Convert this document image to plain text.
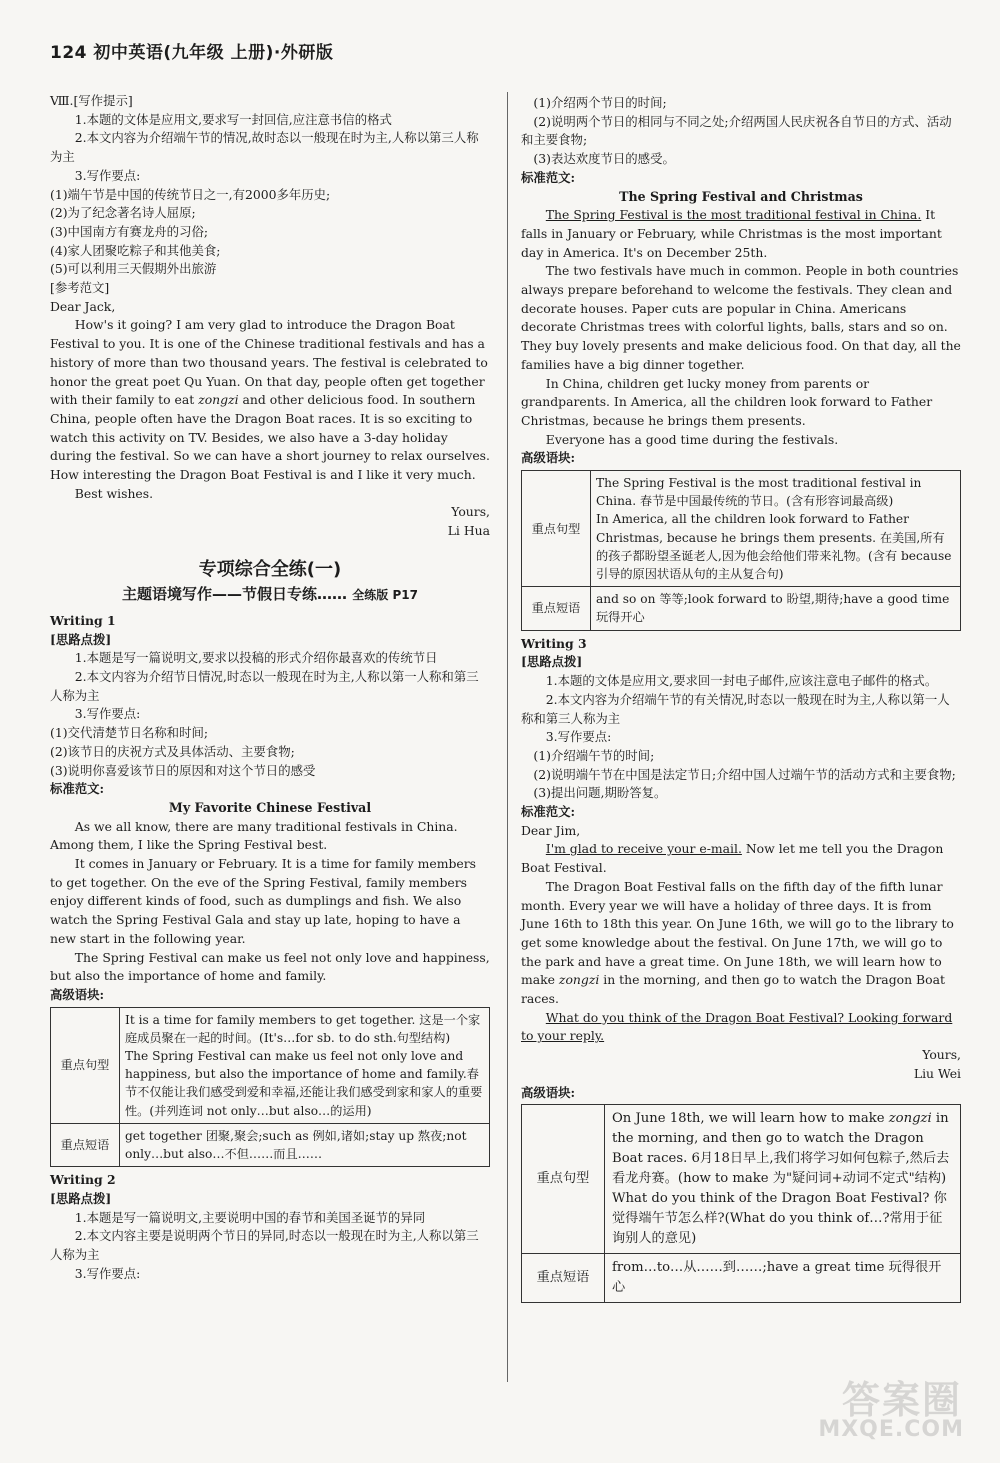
124 初中英语(九年级 上册)·外研版

Ⅷ.[写作提示]

1.本题的文体是应用文,要求写一封回信,应注意书信的格式

2.本文内容为介绍端午节的情况,故时态以一般现在时为主,人称以第三人称为主

3.写作要点:

(1)端午节是中国的传统节日之一,有2000多年历史;

(2)为了纪念著名诗人屈原;

(3)中国南方有赛龙舟的习俗;

(4)家人团聚吃粽子和其他美食;

(5)可以利用三天假期外出旅游

[参考范文]

Dear Jack,

How's it going? I am very glad to introduce the Dragon Boat Festival to you. It is one of the Chinese traditional festivals and has a history of more than two thousand years. The festival is celebrated to honor the great poet Qu Yuan. On that day, people often get together with their family to eat zongzi and other delicious food. In southern China, people often have the Dragon Boat races. It is so exciting to watch this activity on TV. Besides, we also have a 3-day holiday during the festival. So we can have a short journey to relax ourselves. How interesting the Dragon Boat Festival is and I like it very much.

Best wishes.

Yours,

Li Hua

专项综合全练(一)
主题语境写作——节假日专练…… 全练版 P17

Writing 1

[思路点拨]

1.本题是写一篇说明文,要求以投稿的形式介绍你最喜欢的传统节日

2.本文内容为介绍节日情况,时态以一般现在时为主,人称以第一人称和第三人称为主

3.写作要点:

(1)交代清楚节日名称和时间;

(2)该节日的庆祝方式及具体活动、主要食物;

(3)说明你喜爱该节日的原因和对这个节日的感受

标准范文:

My Favorite Chinese Festival

As we all know, there are many traditional festivals in China. Among them, I like the Spring Festival best.

It comes in January or February. It is a time for family members to get together. On the eve of the Spring Festival, family members enjoy different kinds of food, such as dumplings and fish. We also watch the Spring Festival Gala and stay up late, hoping to have a new start in the following year.

The Spring Festival can make us feel not only love and happiness, but also the importance of home and family.

高级语块:

重点句型	It is a time for family members to get together. 这是一个家庭成员聚在一起的时间。(It's…for sb. to do sth.句型结构)
The Spring Festival can make us feel not only love and happiness, but also the importance of home and family.春节不仅能让我们感受到爱和幸福,还能让我们感受到家和家人的重要性。(并列连词 not only…but also…的运用)
重点短语	get together 团聚,聚会;such as 例如,诸如;stay up 熬夜;not only…but also…不但……而且……

Writing 2

[思路点拨]

1.本题是写一篇说明文,主要说明中国的春节和美国圣诞节的异同

2.本文内容主要是说明两个节日的异同,时态以一般现在时为主,人称以第三人称为主

3.写作要点:

(1)介绍两个节日的时间;

(2)说明两个节日的相同与不同之处;介绍两国人民庆祝各自节日的方式、活动和主要食物;

(3)表达欢度节日的感受。

标准范文:

The Spring Festival and Christmas

The Spring Festival is the most traditional festival in China. It falls in January or February, while Christmas is the most important day in America. It's on December 25th.

The two festivals have much in common. People in both countries always prepare beforehand to welcome the festivals. They clean and decorate houses. Paper cuts are popular in China. Americans decorate Christmas trees with colorful lights, balls, stars and so on. They buy lovely presents and make delicious food. On that day, all the families have a big dinner together.

In China, children get lucky money from parents or grandparents. In America, all the children look forward to Father Christmas, because he brings them presents.

Everyone has a good time during the festivals.

高级语块:

重点句型	The Spring Festival is the most traditional festival in China. 春节是中国最传统的节日。(含有形容词最高级)
In America, all the children look forward to Father Christmas, because he brings them presents. 在美国,所有的孩子都盼望圣诞老人,因为他会给他们带来礼物。(含有 because 引导的原因状语从句的主从复合句)
重点短语	and so on 等等;look forward to 盼望,期待;have a good time 玩得开心

Writing 3

[思路点拨]

1.本题的文体是应用文,要求回一封电子邮件,应该注意电子邮件的格式。

2.本文内容为介绍端午节的有关情况,时态以一般现在时为主,人称以第一人称和第三人称为主

3.写作要点:

(1)介绍端午节的时间;

(2)说明端午节在中国是法定节日;介绍中国人过端午节的活动方式和主要食物;

(3)提出问题,期盼答复。

标准范文:

Dear Jim,

I'm glad to receive your e-mail. Now let me tell you the Dragon Boat Festival.

The Dragon Boat Festival falls on the fifth day of the fifth lunar month. Every year we will have a holiday of three days. It is from June 16th to 18th this year. On June 16th, we will go to the library to get some knowledge about the festival. On June 17th, we will go to the park and have a great time. On June 18th, we will learn how to make zongzi in the morning, and then go to watch the Dragon Boat races.

What do you think of the Dragon Boat Festival? Looking forward to your reply.

Yours,

Liu Wei

高级语块:

重点句型	On June 18th, we will learn how to make zongzi in the morning, and then go to watch the Dragon Boat races. 6月18日早上,我们将学习如何包粽子,然后去看龙舟赛。(how to make 为"疑问词+动词不定式"结构)
What do you think of the Dragon Boat Festival? 你觉得端午节怎么样?(What do you think of…?常用于征询别人的意见)
重点短语	from…to…从……到……;have a great time 玩得很开心
答案圈
MXQE.COM
